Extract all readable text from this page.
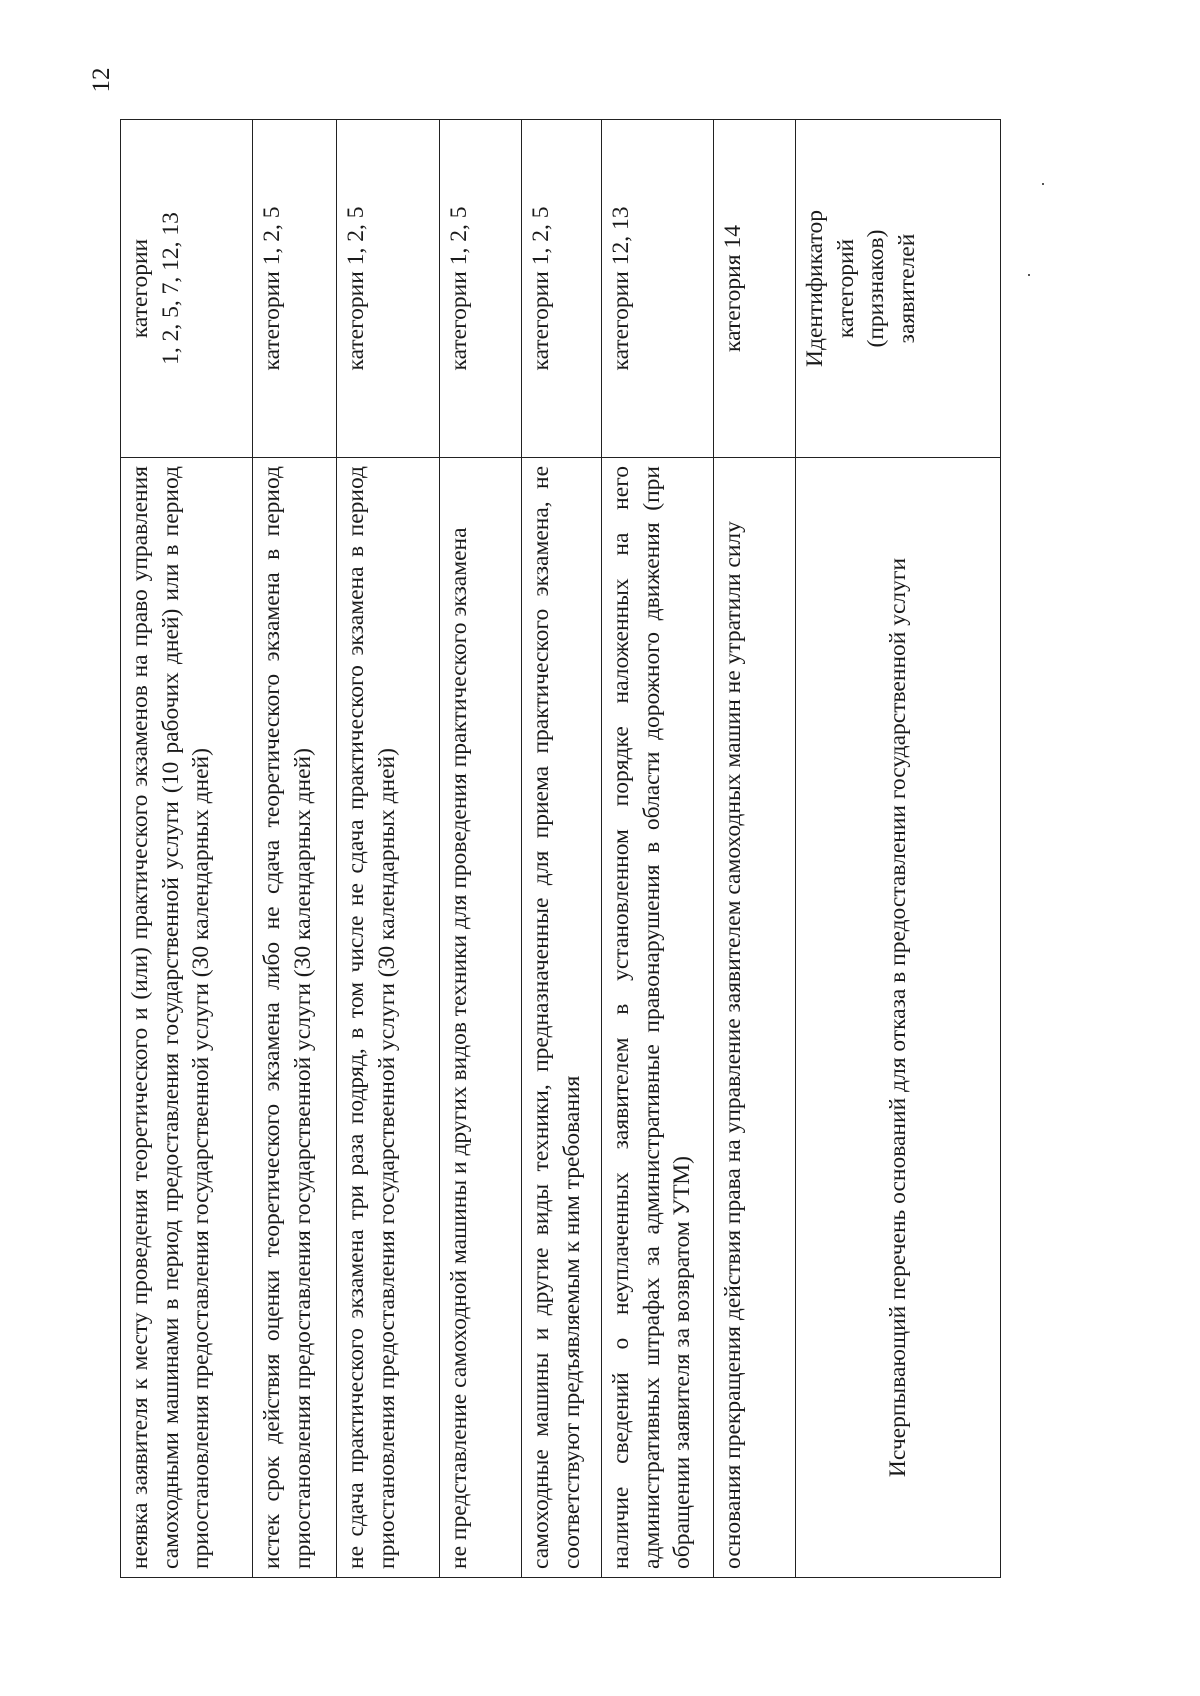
12
неявка заявителя к месту проведения теоретического и (или) практического экзаменов на право управления самоходными машинами в период предоставления государственной услуги (10 рабочих дней) или в период приостановления предоставления государственной услуги (30 календарных дней)	категории 1, 2, 5, 7, 12, 13

истек срок действия оценки теоретического экзамена либо не сдача теоретического экзамена в период приостановления предоставления государственной услуги (30 календарных дней)	категории 1, 2, 5
не сдача практического экзамена три раза подряд, в том числе не сдача практического экзамена в период приостановления предоставления государственной услуги (30 календарных дней)	категории 1, 2, 5
не представление самоходной машины и других видов техники для проведения практического экзамена	категории 1, 2, 5
самоходные машины и другие виды техники, предназначенные для приема практического экзамена, не соответствуют предъявляемым к ним требования	категории 1, 2, 5
наличие сведений о неуплаченных заявителем в установленном порядке наложенных на него административных штрафах за административные правонарушения в области дорожного движения (при обращении заявителя за возвратом УТМ)	категории 12, 13
основания прекращения действия права на управление заявителем самоходных машин не утратили силу	категория 14
Исчерпывающий перечень оснований для отказа в предоставлении государственной услуги	Идентификатор категорий (признаков) заявителей
